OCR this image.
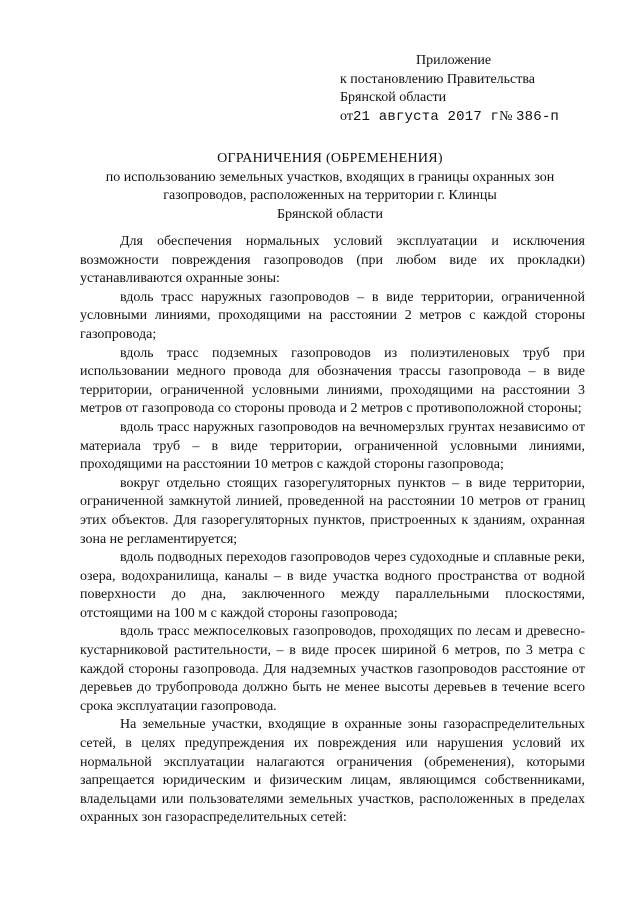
Приложение
к постановлению Правительства
Брянской области
от21 августа 2017 г№ 386-п
ОГРАНИЧЕНИЯ (ОБРЕМЕНЕНИЯ)
по использованию земельных участков, входящих в границы охранных зон
газопроводов, расположенных на территории г. Клинцы
Брянской области

Для обеспечения нормальных условий эксплуатации и исключения возможности повреждения газопроводов (при любом виде их прокладки) устанавливаются охранные зоны:

вдоль трасс наружных газопроводов – в виде территории, ограниченной условными линиями, проходящими на расстоянии 2 метров с каждой стороны газопровода;

вдоль трасс подземных газопроводов из полиэтиленовых труб при использовании медного провода для обозначения трассы газопровода – в виде территории, ограниченной условными линиями, проходящими на расстоянии 3 метров от газопровода со стороны провода и 2 метров с противоположной стороны;

вдоль трасс наружных газопроводов на вечномерзлых грунтах независимо от материала труб – в виде территории, ограниченной условными линиями, проходящими на расстоянии 10 метров с каждой стороны газопровода;

вокруг отдельно стоящих газорегуляторных пунктов – в виде территории, ограниченной замкнутой линией, проведенной на расстоянии 10 метров от границ этих объектов. Для газорегуляторных пунктов, пристроенных к зданиям, охранная зона не регламентируется;

вдоль подводных переходов газопроводов через судоходные и сплавные реки, озера, водохранилища, каналы – в виде участка водного пространства от водной поверхности до дна, заключенного между параллельными плоскостями, отстоящими на 100 м с каждой стороны газопровода;

вдоль трасс межпоселковых газопроводов, проходящих по лесам и древесно-кустарниковой растительности, – в виде просек шириной 6 метров, по 3 метра с каждой стороны газопровода. Для надземных участков газопроводов расстояние от деревьев до трубопровода должно быть не менее высоты деревьев в течение всего срока эксплуатации газопровода.

На земельные участки, входящие в охранные зоны газораспределительных сетей, в целях предупреждения их повреждения или нарушения условий их нормальной эксплуатации налагаются ограничения (обременения), которыми запрещается юридическим и физическим лицам, являющимся собственниками, владельцами или пользователями земельных участков, расположенных в пределах охранных зон газораспределительных сетей:
